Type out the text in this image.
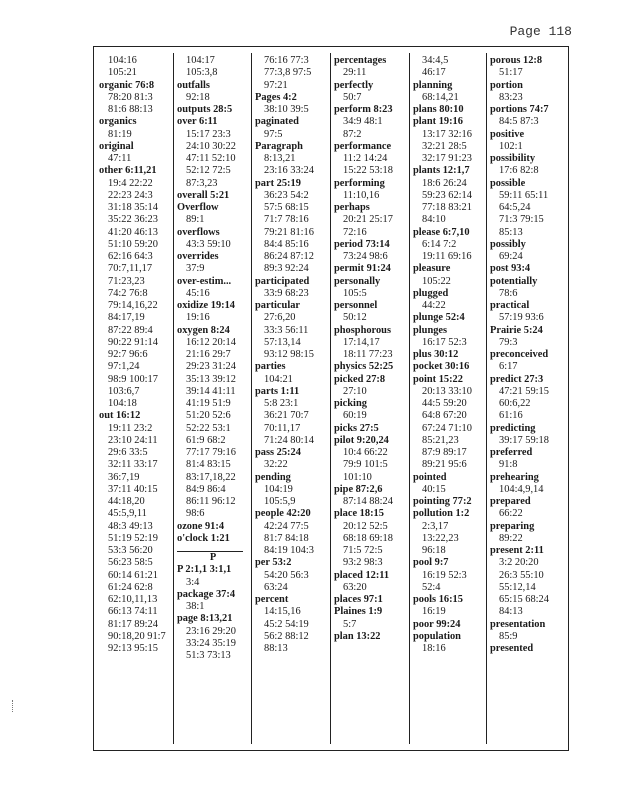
Page 118
104:16
105:21
organic 76:8
78:20 81:3
81:6 88:13
organics
81:19
original
47:11
other 6:11,21
19:4 22:22
22:23 24:3
31:18 35:14
35:22 36:23
41:20 46:13
51:10 59:20
62:16 64:3
70:7,11,17
71:23,23
74:2 76:8
79:14,16,22
84:17,19
87:22 89:4
90:22 91:14
92:7 96:6
97:1,24
98:9 100:17
103:6,7
104:18
out 16:12
19:11 23:2
23:10 24:11
29:6 33:5
32:11 33:17
36:7,19
37:11 40:15
44:18,20
45:5,9,11
48:3 49:13
51:19 52:19
53:3 56:20
56:23 58:5
60:14 61:21
61:24 62:8
62:10,11,13
66:13 74:11
81:17 89:24
90:18,20 91:7
92:13 95:15
104:17
105:3,8
outfalls
92:18
outputs 28:5
over 6:11
15:17 23:3
24:10 30:22
47:11 52:10
52:12 72:5
87:3,23
overall 5:21
Overflow
89:1
overflows
43:3 59:10
overrides
37:9
over-estim...
45:16
oxidize 19:14
19:16
oxygen 8:24
16:12 20:14
21:16 29:7
29:23 31:24
35:13 39:12
39:14 41:11
41:19 51:9
51:20 52:6
52:22 53:1
61:9 68:2
77:17 79:16
81:4 83:15
83:17,18,22
84:9 86:4
86:11 96:12
98:6
ozone 91:4
o'clock 1:21
P
P 2:1,1 3:1,1
3:4
package 37:4
38:1
page 8:13,21
23:16 29:20
33:24 35:19
51:3 73:13
76:16 77:3
77:3,8 97:5
97:21
Pages 4:2
38:10 39:5
paginated
97:5
Paragraph
8:13,21
23:16 33:24
part 25:19
36:23 54:2
57:5 68:15
71:7 78:16
79:21 81:16
84:4 85:16
86:24 87:12
89:3 92:24
participated
33:9 68:23
particular
27:6,20
33:3 56:11
57:13,14
93:12 98:15
parties
104:21
parts 1:11
5:8 23:1
36:21 70:7
70:11,17
71:24 80:14
pass 25:24
32:22
pending
104:19
105:5,9
people 42:20
42:24 77:5
81:7 84:18
84:19 104:3
per 53:2
54:20 56:3
63:24
percent
14:15,16
45:2 54:19
56:2 88:12
88:13
percentages
29:11
perfectly
50:7
perform 8:23
34:9 48:1
87:2
performance
11:2 14:24
15:22 53:18
performing
11:10,16
perhaps
20:21 25:17
72:16
period 73:14
73:24 98:6
permit 91:24
personally
105:5
personnel
50:12
phosphorous
17:14,17
18:11 77:23
physics 52:25
picked 27:8
27:10
picking
60:19
picks 27:5
pilot 9:20,24
10:4 66:22
79:9 101:5
101:10
pipe 87:2,6
87:14 88:24
place 18:15
20:12 52:5
68:18 69:18
71:5 72:5
93:2 98:3
placed 12:11
63:20
places 97:1
Plaines 1:9
5:7
plan 13:22
34:4,5
46:17
planning
68:14,21
plans 80:10
plant 19:16
13:17 32:16
32:21 28:5
32:17 91:23
plants 12:1,7
18:6 26:24
59:23 62:14
77:18 83:21
84:10
please 6:7,10
6:14 7:2
19:11 69:16
pleasure
105:22
plugged
44:22
plunge 52:4
plunges
16:17 52:3
plus 30:12
pocket 30:16
point 15:22
20:13 33:10
44:5 59:20
64:8 67:20
67:24 71:10
85:21,23
87:9 89:17
89:21 95:6
pointed
40:15
pointing 77:2
pollution 1:2
2:3,17
13:22,23
96:18
pool 9:7
16:19 52:3
52:4
pools 16:15
16:19
poor 99:24
population
18:16
porous 12:8
51:17
portion
83:23
portions 74:7
84:5 87:3
positive
102:1
possibility
17:6 82:8
possible
59:11 65:11
64:5,24
71:3 79:15
85:13
possibly
69:24
post 93:4
potentially
78:6
practical
57:19 93:6
Prairie 5:24
79:3
preconceived
6:17
predict 27:3
47:21 59:15
60:6,22
61:16
predicting
39:17 59:18
preferred
91:8
prehearing
104:4,9,14
prepared
66:22
preparing
89:22
present 2:11
3:2 20:20
26:3 55:10
55:12,14
65:15 68:24
84:13
presentation
85:9
presented
